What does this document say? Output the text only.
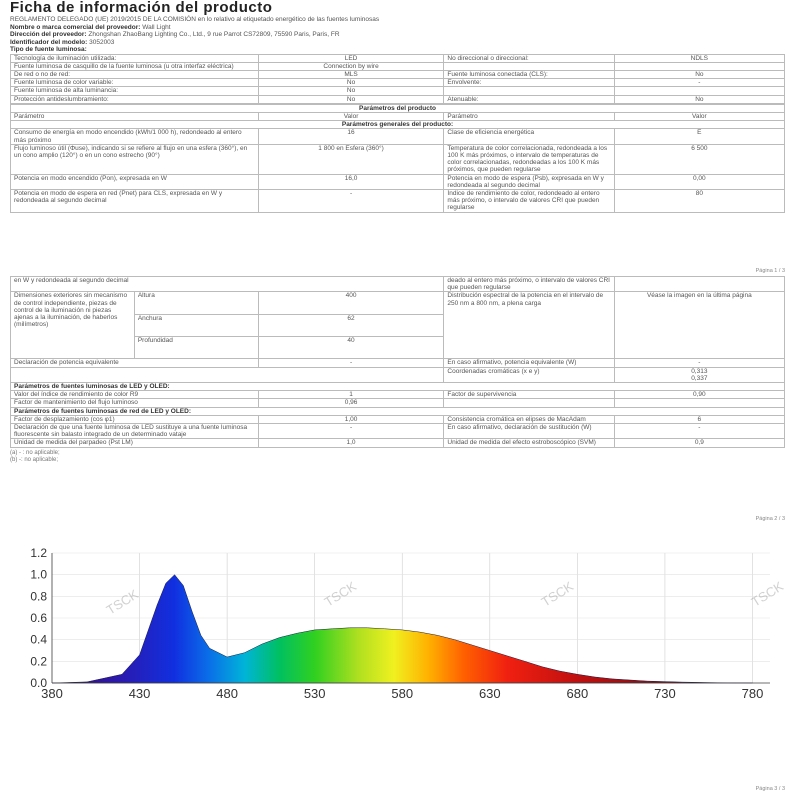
Ficha de información del producto
REGLAMENTO DELEGADO (UE) 2019/2015 DE LA COMISIÓN en lo relativo al etiquetado energético de las fuentes luminosas
Nombre o marca comercial del proveedor: Wall Light
Dirección del proveedor: Zhongshan ZhaoBang Lighting Co., Ltd., 9 rue Parrot CS72809, 75590 Paris, Paris, FR
Identificador del modelo: 3052003
Tipo de fuente luminosa:
Tecnología de iluminación utilizada:	LED	No direccional o direccional:	NDLS
Fuente luminosa de casquillo de la fuente luminosa (u otra interfaz eléctrica)	Connection by wire		
De red o no de red:	MLS	Fuente luminosa conectada (CLS):	No
Fuente luminosa de color variable:	No	Envolvente:	-
Fuente luminosa de alta luminancia:	No		
Protección antideslumbramiento:	No	Atenuable:	No
Parámetros del producto			
Parámetro	Valor	Parámetro	Valor
Parámetros generales del producto:			
Consumo de energía en modo encendido (kWh/1 000 h), redondeado al entero más próximo	16	Clase de eficiencia energética	E
Flujo luminoso útil (Φuse), indicando si se refiere al flujo en una esfera (360°), en un cono amplio (120°) o en un cono estrecho (90°)	1 800 en Esfera (360°)	Temperatura de color correlacionada, redondeada a los 100 K más próximos, o intervalo de temperaturas de color correlacionadas, redondeadas a los 100 K más próximos, que pueden regularse	6 500
Potencia en modo encendido (Pon), expresada en W	16,0	Potencia en modo de espera (Psb), expresada en W y redondeada al segundo decimal	0,00
Potencia en modo de espera en red (Pnet) para CLS, expresada en W y redondeada al segundo decimal	-	Índice de rendimiento de color, redondeado al entero más próximo, o intervalo de valores CRI que pueden regularse	80
Página 1 / 3
en W y redondeada al segundo decimal			deado al entero más próximo, o intervalo de valores CRI que pueden regularse	
Dimensiones exteriores sin mecanismo de control independiente, piezas de control de la iluminación ni piezas ajenas a la iluminación, de haberlos (milímetros)	Altura	400	Distribución espectral de la potencia en el intervalo de 250 nm a 800 nm, a plena carga	Véase la imagen en la última página
	Anchura	62		
	Profundidad	40		
Declaración de potencia equivalente		-	En caso afirmativo, potencia equivalente (W)	-
			Coordenadas cromáticas (x e y)	0,313
0,337
Parámetros de fuentes luminosas de LED y OLED:				
Valor del índice de rendimiento de color R9		1	Factor de supervivencia	0,90
Factor de mantenimiento del flujo luminoso		0,96		
Parámetros de fuentes luminosas de red de LED y OLED:				
Factor de desplazamiento (cos φ1)		1,00	Consistencia cromática en elipses de MacAdam	6
Declaración de que una fuente luminosa de LED sustituye a una fuente luminosa fluorescente sin balasto integrado de un determinado vataje		-	En caso afirmativo, declaración de sustitución (W)	-
Unidad de medida del parpadeo (Pst LM)		1,0	Unidad de medida del efecto estroboscópico (SVM)	0,9
(a) - : no aplicable;
(b) -: no aplicable;
Página 2 / 3
380	430	480	530	580	630	680	730	780
0.0
0.2
0.4
0.6
0.8
1.0
1.2
TSCK	TSCK	TSCK	TSCK
Página 3 / 3
